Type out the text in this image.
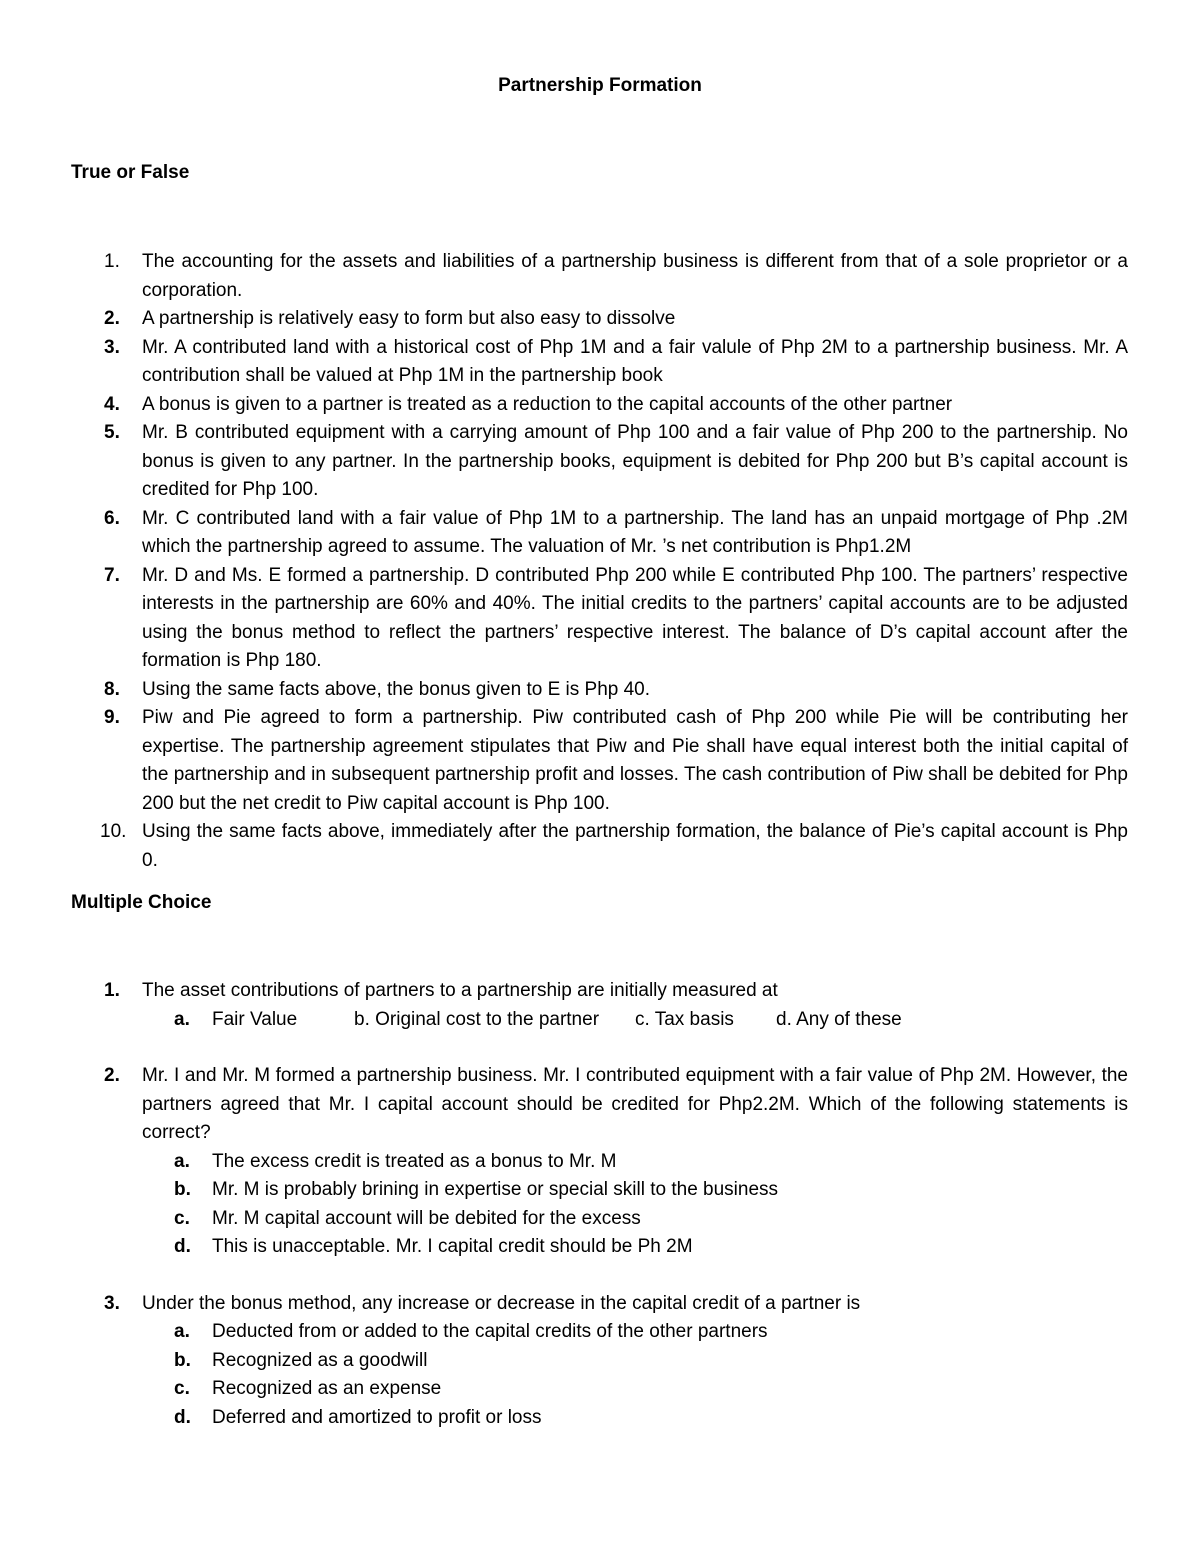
Partnership Formation
True or False
1. The accounting for the assets and liabilities of a partnership business is different from that of a sole proprietor or a corporation.
2. A partnership is relatively easy to form but also easy to dissolve
3. Mr. A contributed land with a historical cost of Php 1M and a fair valule of Php 2M to a partnership business. Mr. A contribution shall be valued at Php 1M in the partnership book
4. A bonus is given to a partner is treated as a reduction to the capital accounts of the other partner
5. Mr. B contributed equipment with a carrying amount of Php 100 and a fair value of Php 200 to the partnership. No bonus is given to any partner. In the partnership books, equipment is debited for Php 200 but B’s capital account is credited for Php 100.
6. Mr. C contributed land with a fair value of Php 1M to a partnership. The land has an unpaid mortgage of Php .2M which the partnership agreed to assume. The valuation of Mr. ’s net contribution is Php1.2M
7. Mr. D and Ms. E formed a partnership. D contributed Php 200 while E contributed Php 100. The partners’ respective interests in the partnership are 60% and 40%. The initial credits to the partners’ capital accounts are to be adjusted using the bonus method to reflect the partners’ respective interest. The balance of D’s capital account after the formation is Php 180.
8. Using the same facts above, the bonus given to E is Php 40.
9. Piw and Pie agreed to form a partnership. Piw contributed cash of Php 200 while Pie will be contributing her expertise. The partnership agreement stipulates that Piw and Pie shall have equal interest both the initial capital of the partnership and in subsequent partnership profit and losses. The cash contribution of Piw shall be debited for Php 200 but the net credit to Piw capital account is Php 100.
10. Using the same facts above, immediately after the partnership formation, the balance of Pie’s capital account is Php 0.
Multiple Choice
1. The asset contributions of partners to a partnership are initially measured at
a. Fair Value	b. Original cost to the partner c. Tax basis d. Any of these
2. Mr. I and Mr. M formed a partnership business. Mr. I contributed equipment with a fair value of Php 2M. However, the partners agreed that Mr. I capital account should be credited for Php2.2M. Which of the following statements is correct?
a. The excess credit is treated as a bonus to Mr. M
b. Mr. M is probably brining in expertise or special skill to the business
c. Mr. M capital account will be debited for the excess
d. This is unacceptable. Mr. I capital credit should be Ph 2M
3. Under the bonus method, any increase or decrease in the capital credit of a partner is
a. Deducted from or added to the capital credits of the other partners
b. Recognized as a goodwill
c. Recognized as an expense
d. Deferred and amortized to profit or loss
